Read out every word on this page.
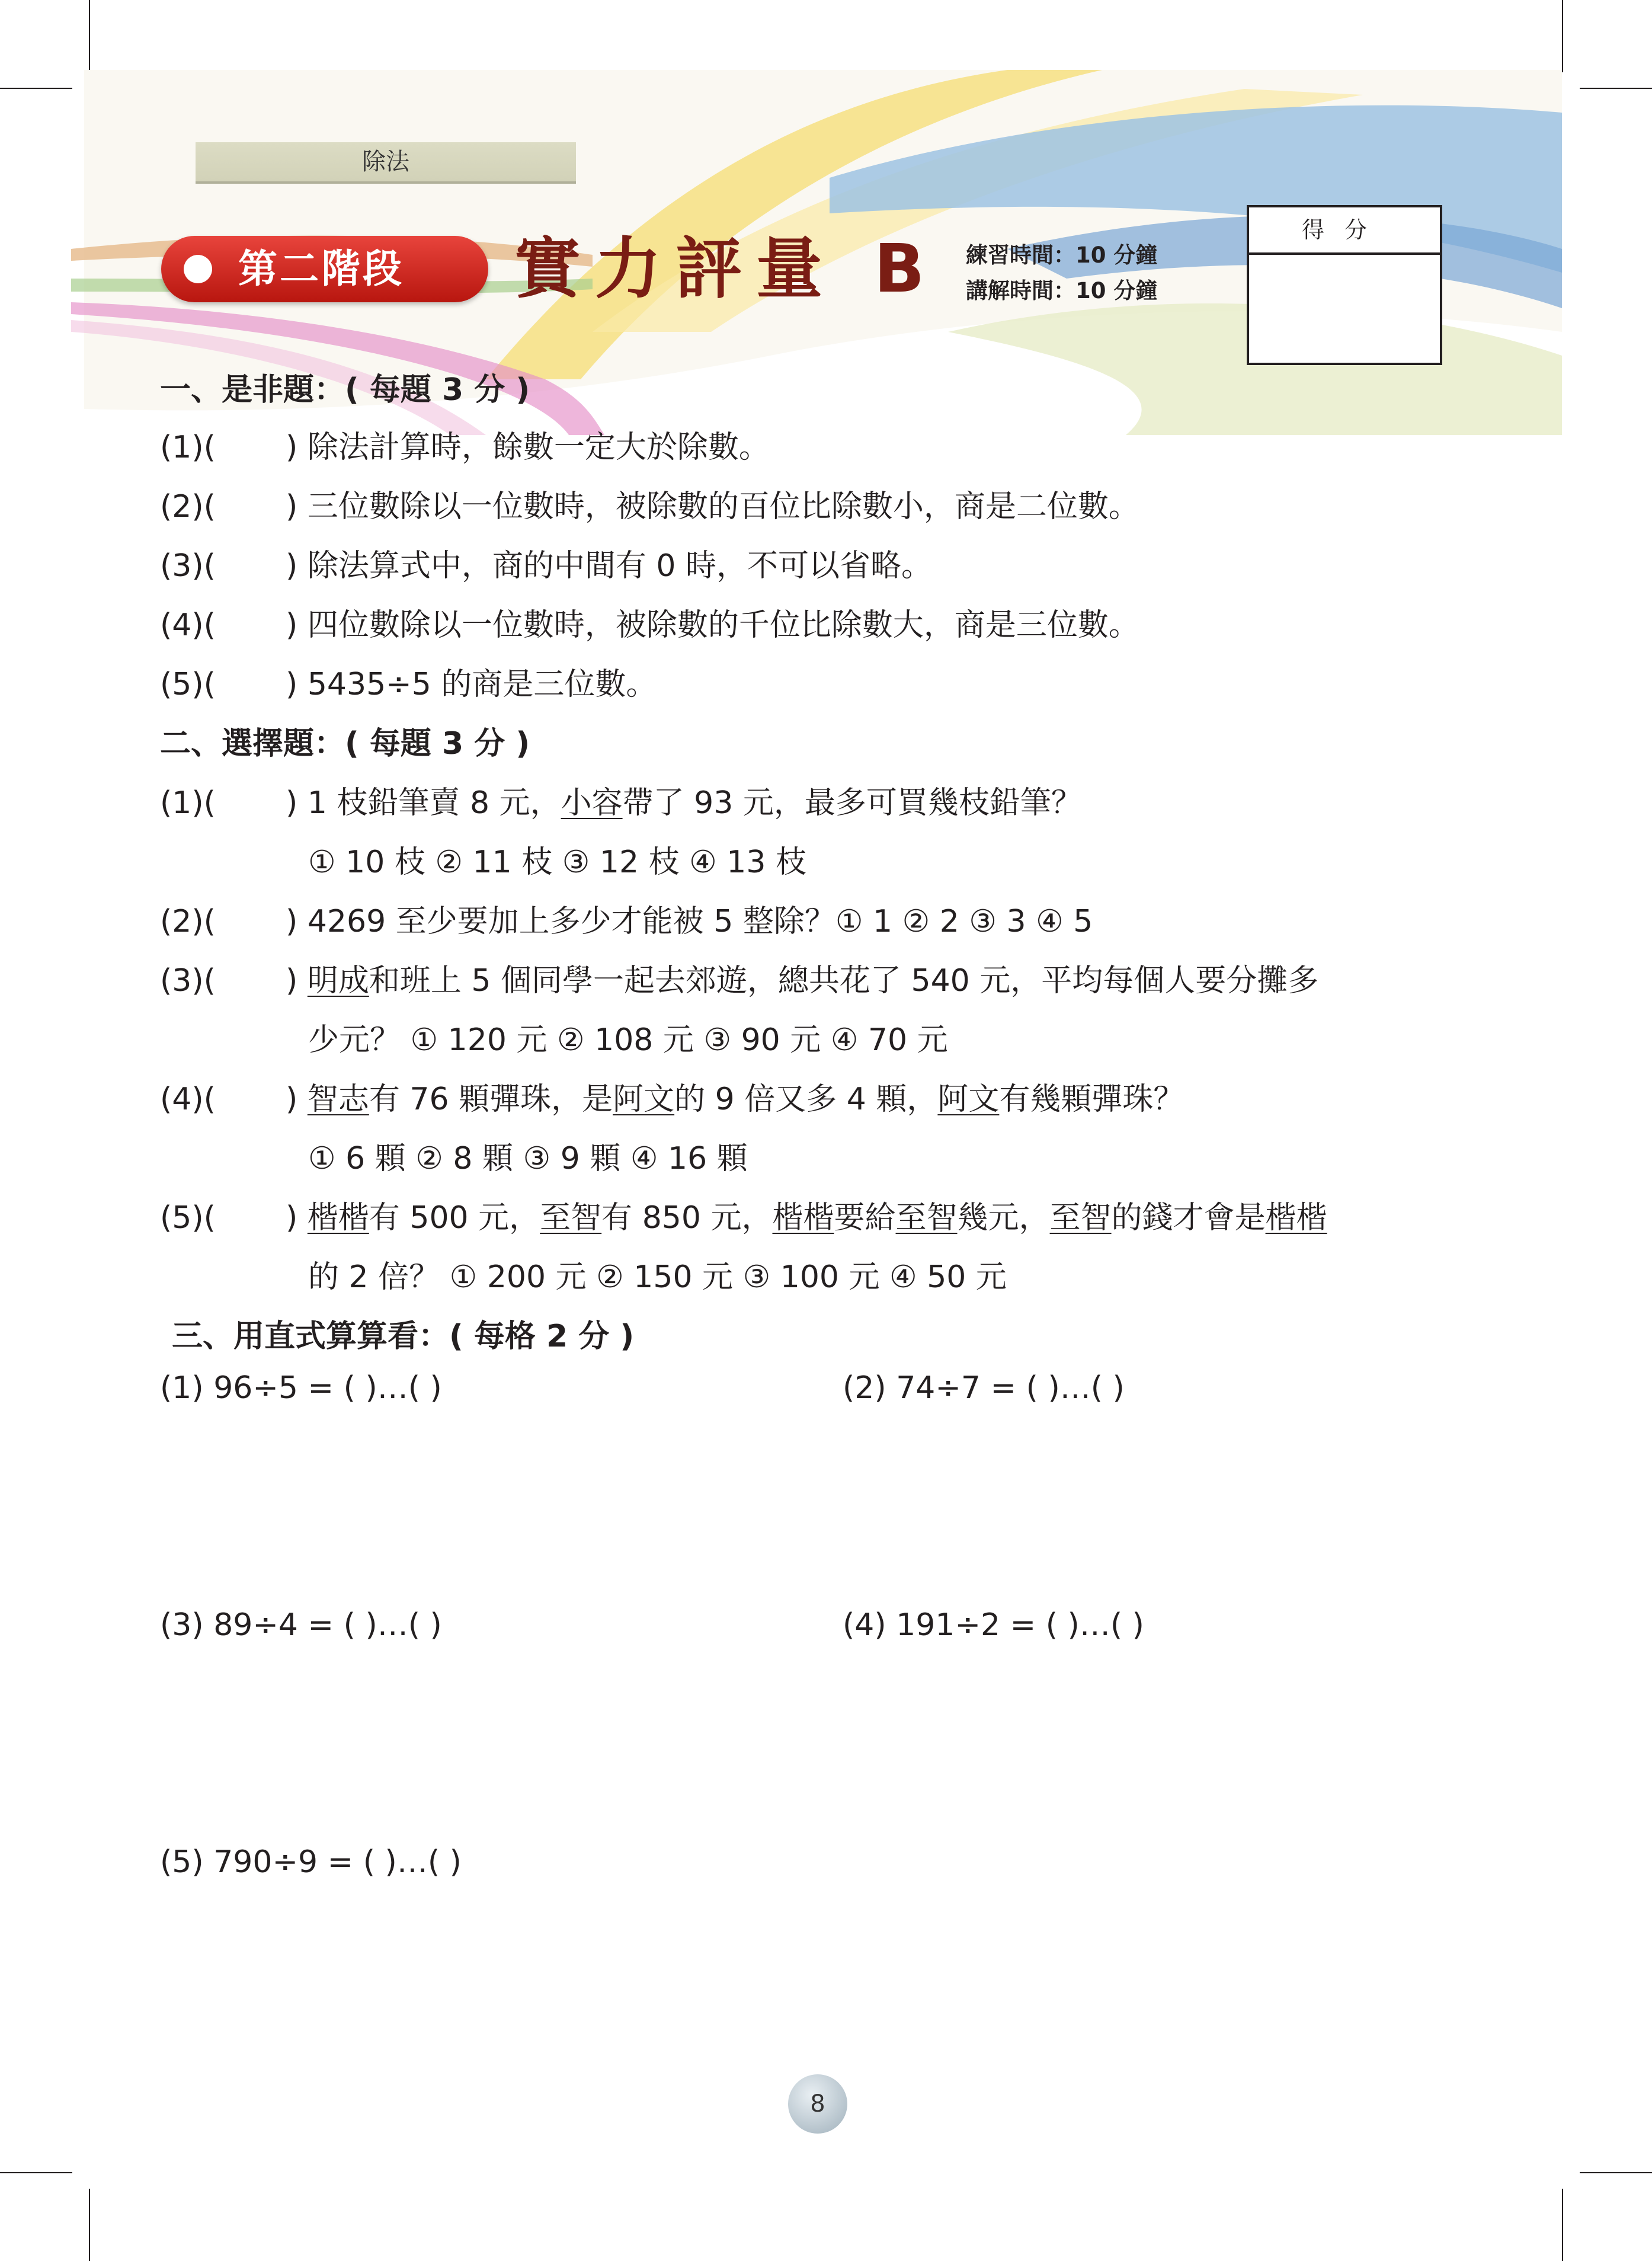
除法
第二階段 實力評量 B 練習時間：10 分鐘
講解時間：10 分鐘
得分
一、是非題：( 每題 3 分 )
(1)( ) 除法計算時，餘數一定大於除數。
(2)( ) 三位數除以一位數時，被除數的百位比除數小，商是二位數。
(3)( ) 除法算式中，商的中間有 0 時，不可以省略。
(4)( ) 四位數除以一位數時，被除數的千位比除數大，商是三位數。
(5)( ) 5435÷5 的商是三位數。
二、選擇題：( 每題 3 分 )
(1)( ) 1 枝鉛筆賣 8 元，小容帶了 93 元，最多可買幾枝鉛筆？
① 10 枝 ② 11 枝 ③ 12 枝 ④ 13 枝
(2)( ) 4269 至少要加上多少才能被 5 整除？① 1 ② 2 ③ 3 ④ 5
(3)( ) 明成和班上 5 個同學一起去郊遊，總共花了 540 元，平均每個人要分攤多
少元？ ① 120 元 ② 108 元 ③ 90 元 ④ 70 元
(4)( ) 智志有 76 顆彈珠，是阿文的 9 倍又多 4 顆，阿文有幾顆彈珠？
① 6 顆 ② 8 顆 ③ 9 顆 ④ 16 顆
(5)( ) 楷楷有 500 元，至智有 850 元，楷楷要給至智幾元，至智的錢才會是楷楷
的 2 倍？ ① 200 元 ② 150 元 ③ 100 元 ④ 50 元
三、用直式算算看：( 每格 2 分 )
(1) 96÷5 = ( )…( )	(2) 74÷7 = ( )…( )
(3) 89÷4 = ( )…( )	(4) 191÷2 = ( )…( )
(5) 790÷9 = ( )…( )
8
